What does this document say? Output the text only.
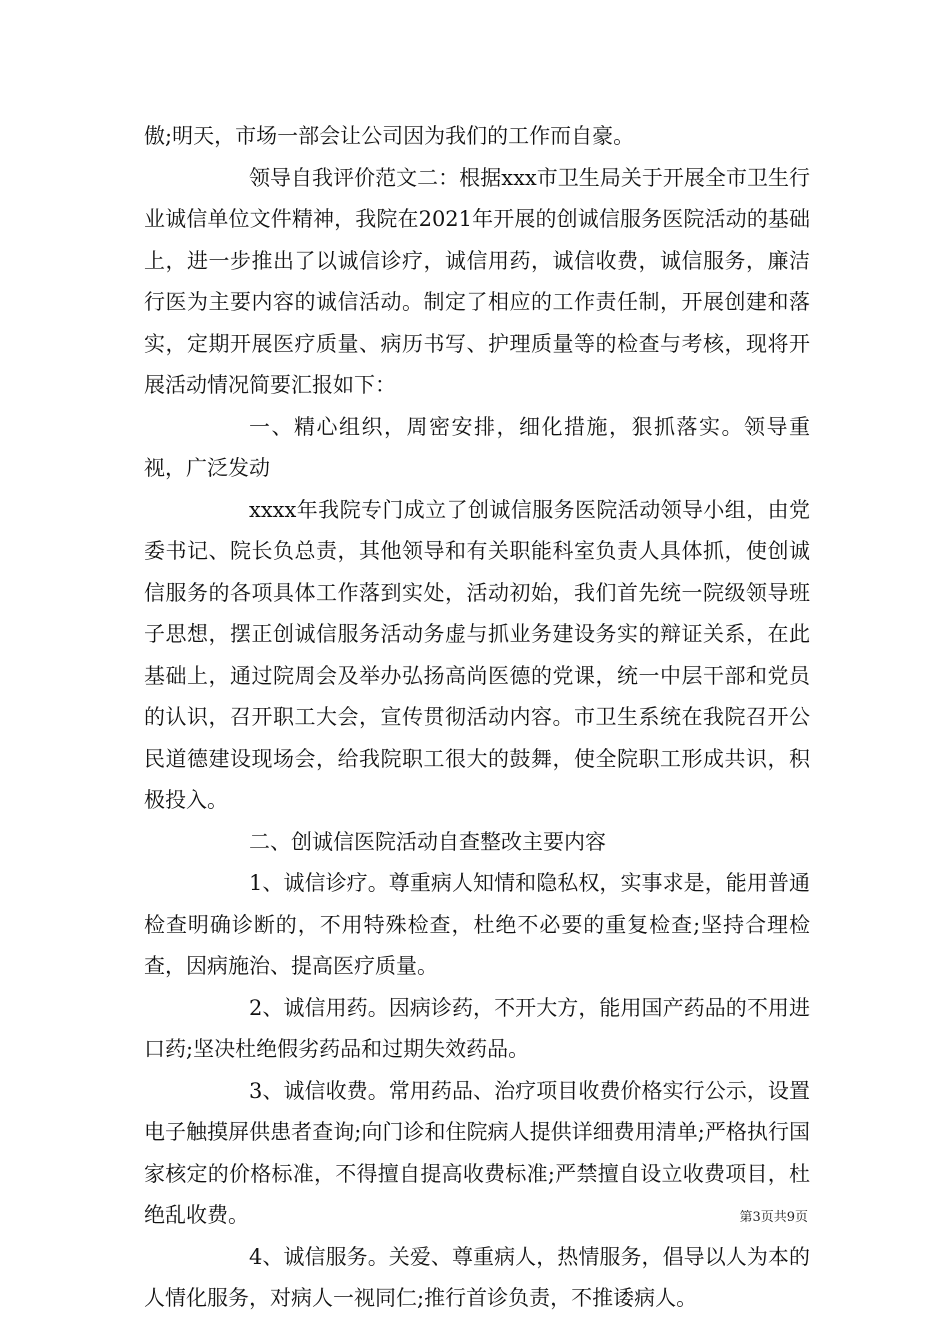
傲;明天，市场一部会让公司因为我们的工作而自豪。

领导自我评价范文二：根据xxx市卫生局关于开展全市卫生行业诚信单位文件精神，我院在2021年开展的创诚信服务医院活动的基础上，进一步推出了以诚信诊疗，诚信用药，诚信收费，诚信服务，廉洁行医为主要内容的诚信活动。制定了相应的工作责任制，开展创建和落实，定期开展医疗质量、病历书写、护理质量等的检查与考核，现将开展活动情况简要汇报如下：

一、精心组织，周密安排，细化措施，狠抓落实。领导重视，广泛发动

xxxx年我院专门成立了创诚信服务医院活动领导小组，由党委书记、院长负总责，其他领导和有关职能科室负责人具体抓，使创诚信服务的各项具体工作落到实处，活动初始，我们首先统一院级领导班子思想，摆正创诚信服务活动务虚与抓业务建设务实的辩证关系，在此基础上，通过院周会及举办弘扬高尚医德的党课，统一中层干部和党员的认识，召开职工大会，宣传贯彻活动内容。市卫生系统在我院召开公民道德建设现场会，给我院职工很大的鼓舞，使全院职工形成共识，积极投入。

二、创诚信医院活动自查整改主要内容

1、诚信诊疗。尊重病人知情和隐私权，实事求是，能用普通检查明确诊断的，不用特殊检查，杜绝不必要的重复检查;坚持合理检查，因病施治、提高医疗质量。

2、诚信用药。因病诊药，不开大方，能用国产药品的不用进口药;坚决杜绝假劣药品和过期失效药品。

3、诚信收费。常用药品、治疗项目收费价格实行公示，设置电子触摸屏供患者查询;向门诊和住院病人提供详细费用清单;严格执行国家核定的价格标准，不得擅自提高收费标准;严禁擅自设立收费项目，杜绝乱收费。

4、诚信服务。关爱、尊重病人，热情服务，倡导以人为本的人情化服务，对病人一视同仁;推行首诊负责，不推诿病人。

第3页共9页
